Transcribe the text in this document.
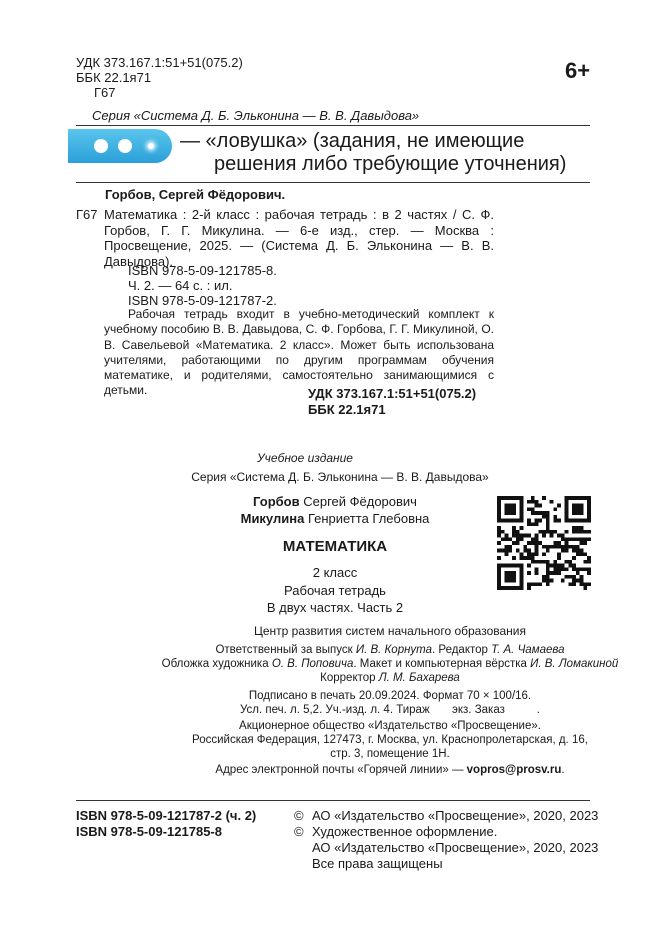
УДК 373.167.1:51+51(075.2)
ББК 22.1я71
Г67
6+
Серия «Система Д. Б. Эльконина — В. В. Давыдова»
— «ловушка» (задания, не имеющие
решения либо требующие уточнения)
Горбов, Сергей Фёдорович.
Г67 Математика : 2-й класс : рабочая тетрадь : в 2 частях / С. Ф. Горбов, Г. Г. Микулина. — 6-е изд., стер. — Москва : Просвещение, 2025. — (Система Д. Б. Эльконина — В. В. Давыдова).
ISBN 978-5-09-121785-8.
Ч. 2. — 64 с. : ил.
ISBN 978-5-09-121787-2.
Рабочая тетрадь входит в учебно-методический комплект к учебному пособию В. В. Давыдова, С. Ф. Горбова, Г. Г. Микулиной, О. В. Савельевой «Математика. 2 класс». Может быть использована учителями, работающими по другим программам обучения математике, и родителями, самостоятельно занимающимися с детьми.	УДК 373.167.1:51+51(075.2)
ББК 22.1я71
Учебное издание
Серия «Система Д. Б. Эльконина — В. В. Давыдова»
Горбов Сергей Фёдорович
Микулина Генриетта Глебовна
МАТЕМАТИКА
2 класс
Рабочая тетрадь
В двух частях. Часть 2
Центр развития систем начального образования
Ответственный за выпуск И. В. Корнута. Редактор Т. А. Чамаева
Обложка художника О. В. Поповича. Макет и компьютерная вёрстка И. В. Ломакиной
Корректор Л. М. Бахарева
Подписано в печать 20.09.2024. Формат 70 × 100/16.
Усл. печ. л. 5,2. Уч.-изд. л. 4. Тираж       экз. Заказ          .
Акционерное общество «Издательство «Просвещение».
Российская Федерация, 127473, г. Москва, ул. Краснопролетарская, д. 16,
стр. 3, помещение 1Н.
Адрес электронной почты «Горячей линии» — vopros@prosv.ru.
ISBN 978-5-09-121787-2 (ч. 2)
ISBN 978-5-09-121785-8
© АО «Издательство «Просвещение», 2020, 2023
© Художественное оформление.
АО «Издательство «Просвещение», 2020, 2023
Все права защищены
